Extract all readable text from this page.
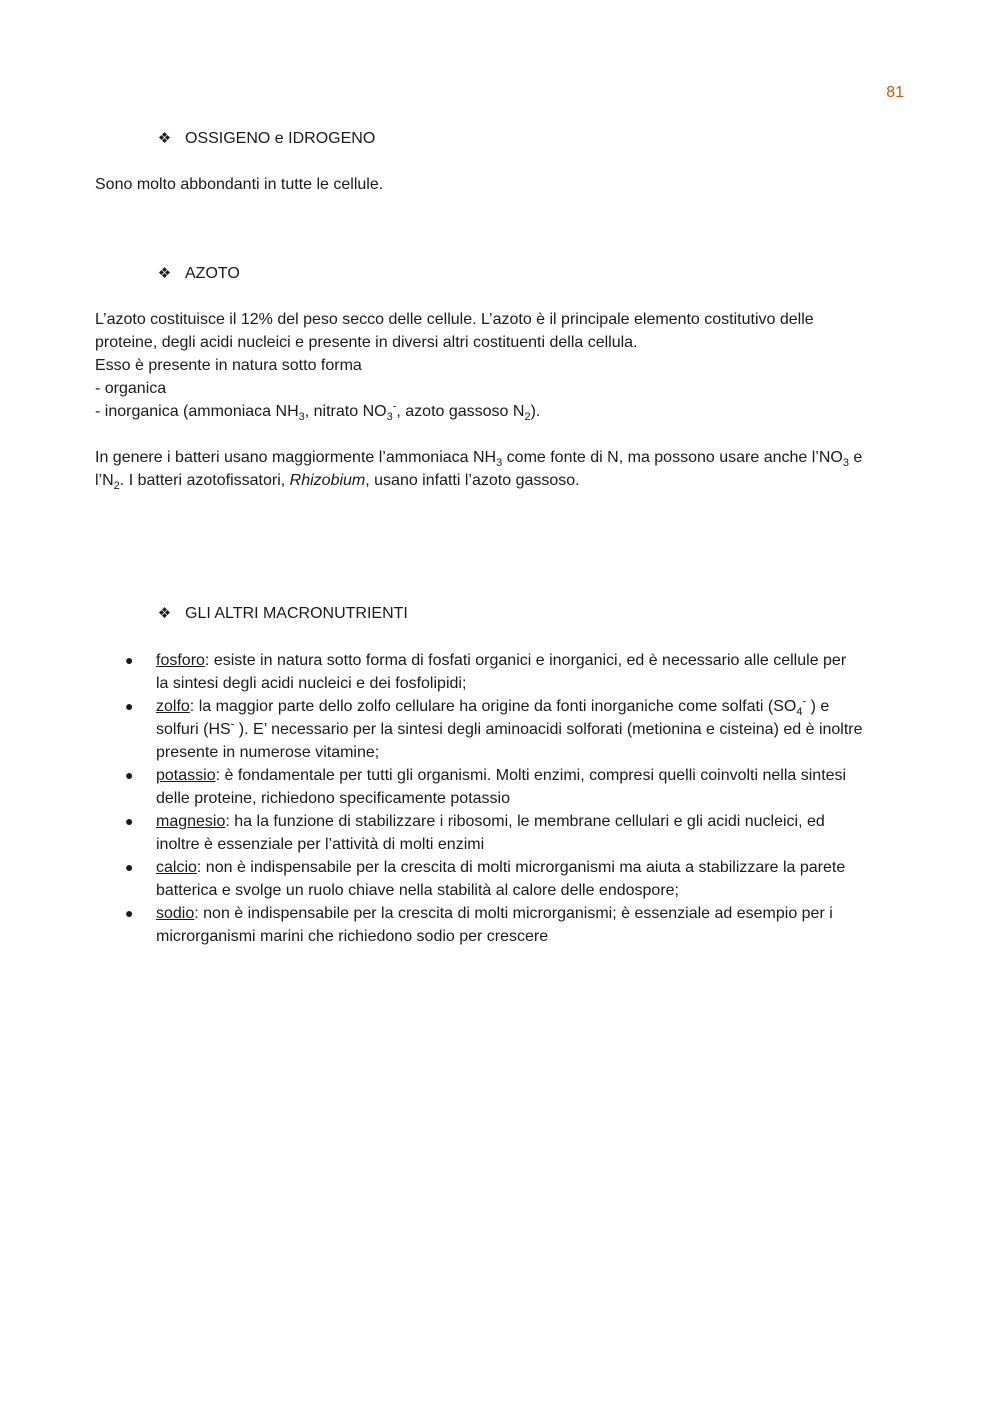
81
❖ OSSIGENO e IDROGENO

Sono molto abbondanti in tutte le cellule.

❖ AZOTO

L’azoto costituisce il 12% del peso secco delle cellule. L’azoto è il principale elemento costitutivo delle
proteine, degli acidi nucleici e presente in diversi altri costituenti della cellula.
Esso è presente in natura sotto forma
- organica
- inorganica (ammoniaca $NH_3$, nitrato $NO_3^-$, azoto gassoso $N_2$).

In genere i batteri usano maggiormente l’ammoniaca $NH_3$ come fonte di N, ma possono usare anche $l’NO_3$ e
$l’N_2$. I batteri azotofissatori, Rhizobium, usano infatti l’azoto gassoso.

❖ GLI ALTRI MACRONUTRIENTI
● fosforo: esiste in natura sotto forma di fosfati organici e inorganici, ed è necessario alle cellule per
la sintesi degli acidi nucleici e dei fosfolipidi;
● zolfo: la maggior parte dello zolfo cellulare ha origine da fonti inorganiche come solfati ($SO_4^-$ ) e
solfuri (HS- ). E’ necessario per la sintesi degli aminoacidi solforati (metionina e cisteina) ed è inoltre
presente in numerose vitamine;
● potassio: è fondamentale per tutti gli organismi. Molti enzimi, compresi quelli coinvolti nella sintesi
delle proteine, richiedono specificamente potassio
● magnesio: ha la funzione di stabilizzare i ribosomi, le membrane cellulari e gli acidi nucleici, ed
inoltre è essenziale per l’attività di molti enzimi
● calcio: non è indispensabile per la crescita di molti microrganismi ma aiuta a stabilizzare la parete
batterica e svolge un ruolo chiave nella stabilità al calore delle endospore;
● sodio: non è indispensabile per la crescita di molti microrganismi; è essenziale ad esempio per i
microrganismi marini che richiedono sodio per crescere
